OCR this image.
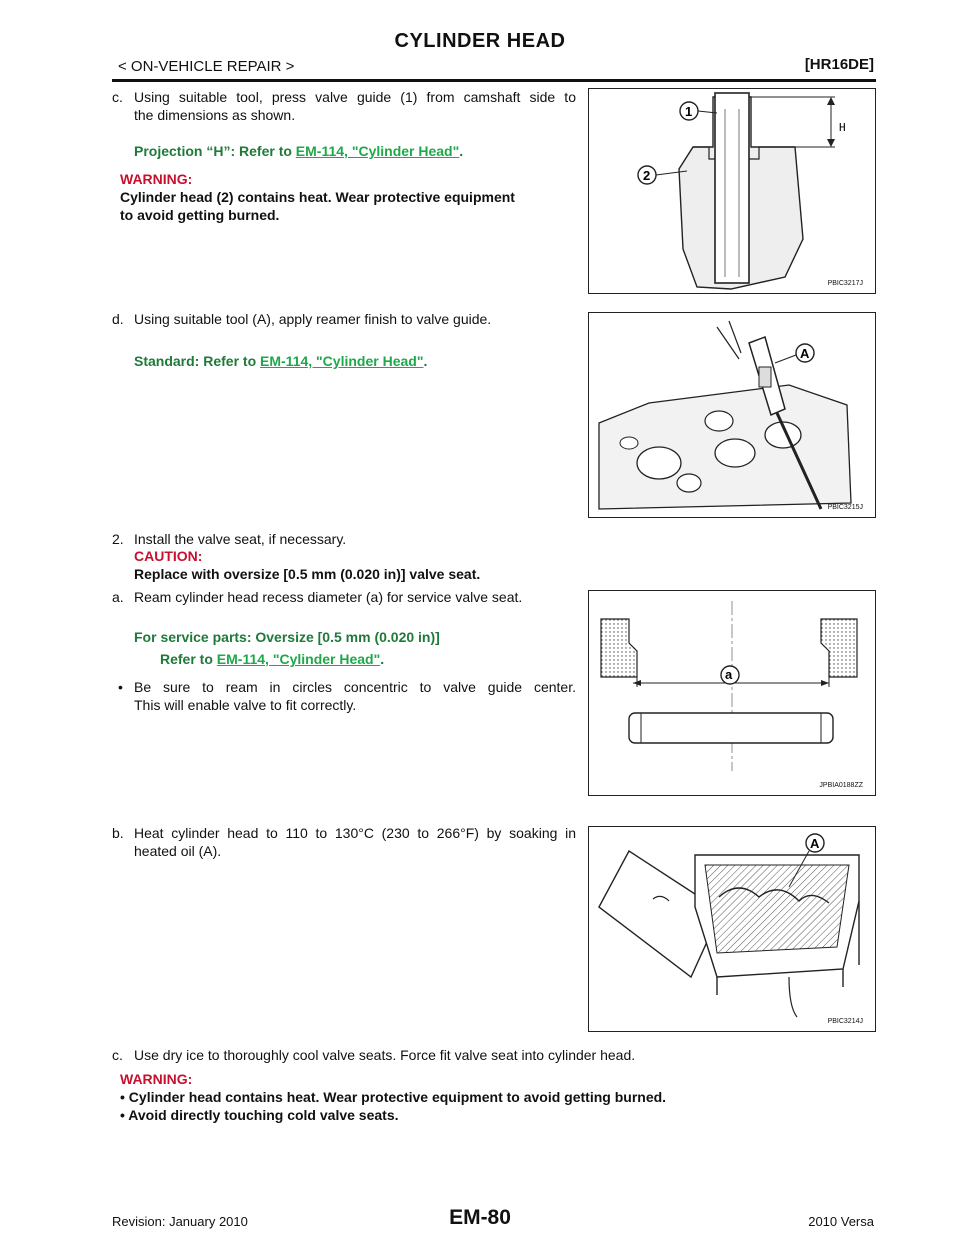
CYLINDER HEAD
< ON-VEHICLE REPAIR >	[HR16DE]
c. Using suitable tool, press valve guide (1) from camshaft side to
the dimensions as shown.
Projection “H”: Refer to EM-114, "Cylinder Head".
WARNING:
Cylinder head (2) contains heat. Wear protective equipment
to avoid getting burned.
H
1
2
PBIC3217J
d. Using suitable tool (A), apply reamer finish to valve guide.
Standard: Refer to EM-114, "Cylinder Head".	A
PBIC3215J
2. Install the valve seat, if necessary.
CAUTION:
Replace with oversize [0.5 mm (0.020 in)] valve seat.
a. Ream cylinder head recess diameter (a) for service valve seat.
For service parts: Oversize [0.5 mm (0.020 in)]
Refer to EM-114, "Cylinder Head".
• Be sure to ream in circles concentric to valve guide center.
This will enable valve to fit correctly.
a
JPBIA0188ZZ
b. Heat cylinder head to 110 to 130°C (230 to 266°F) by soaking in
heated oil (A).	A
PBIC3214J
c. Use dry ice to thoroughly cool valve seats. Force fit valve seat into cylinder head.
WARNING:
• Cylinder head contains heat. Wear protective equipment to avoid getting burned.
• Avoid directly touching cold valve seats.
Revision: January 2010	EM-80	2010 Versa
